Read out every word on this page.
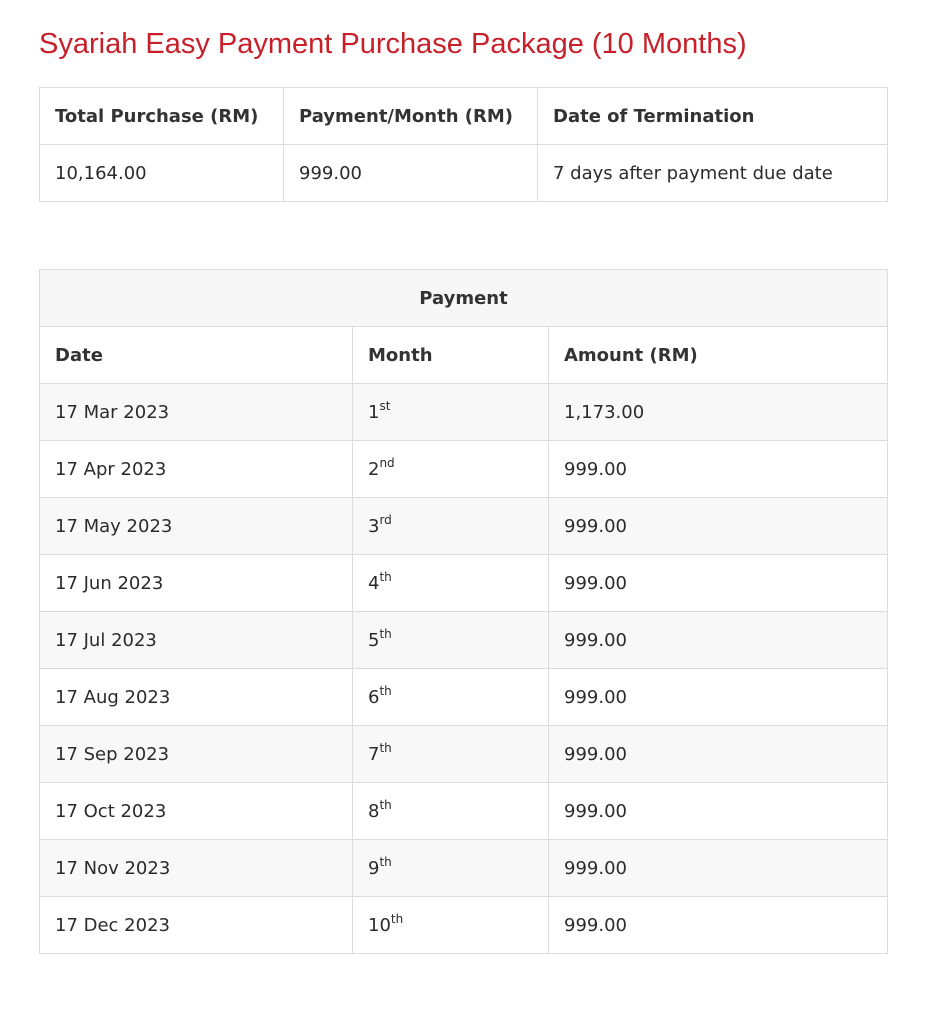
Syariah Easy Payment Purchase Package (10 Months)
Total Purchase (RM)	Payment/Month (RM)	Date of Termination
10,164.00	999.00	7 days after payment due date
Payment		
Date	Month	Amount (RM)
17 Mar 2023	1st	1,173.00
17 Apr 2023	2nd	999.00
17 May 2023	3rd	999.00
17 Jun 2023	4th	999.00
17 Jul 2023	5th	999.00
17 Aug 2023	6th	999.00
17 Sep 2023	7th	999.00
17 Oct 2023	8th	999.00
17 Nov 2023	9th	999.00
17 Dec 2023	10th	999.00
